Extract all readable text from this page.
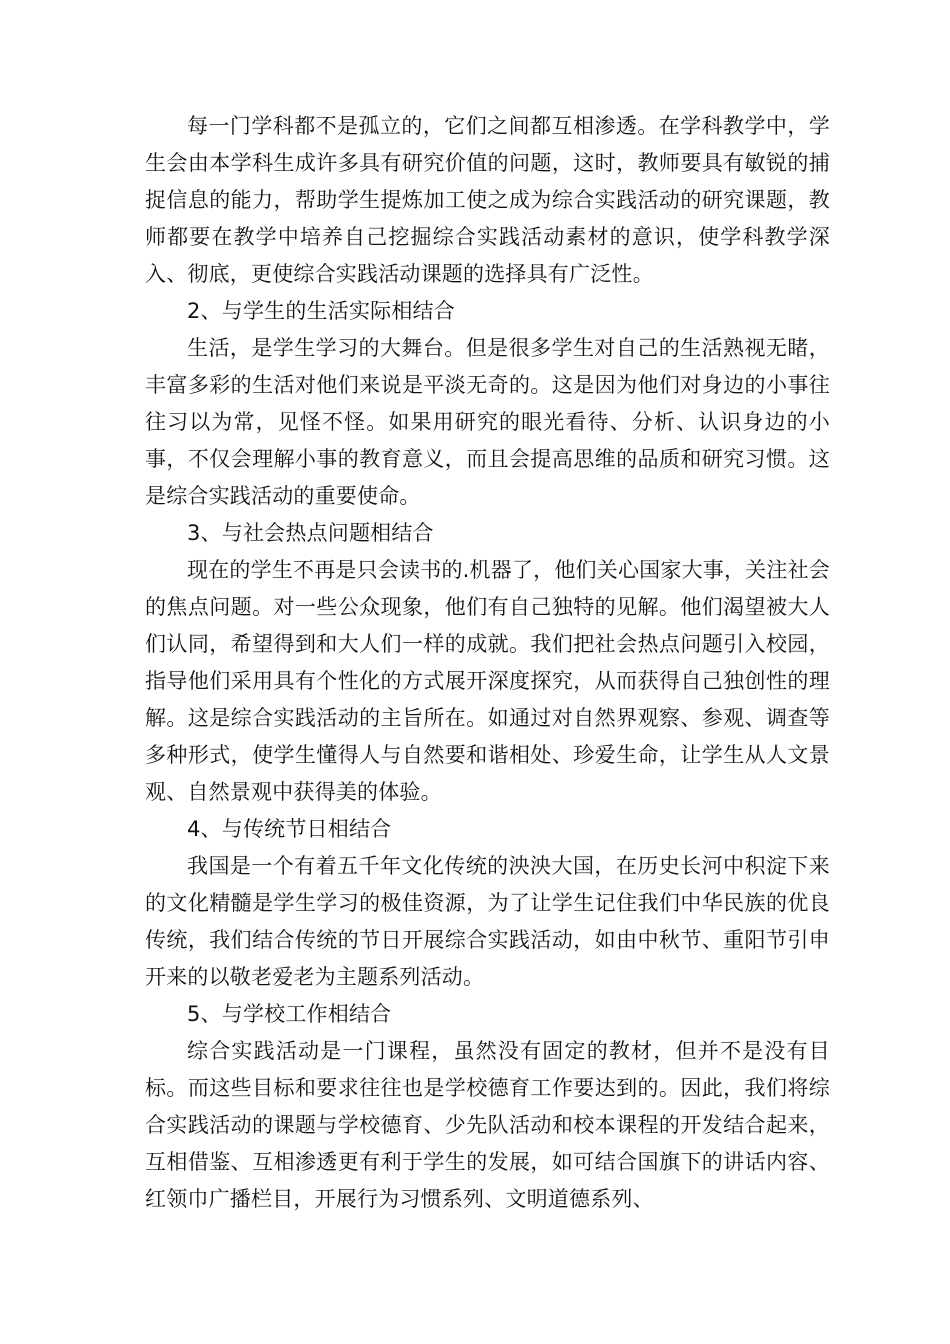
每一门学科都不是孤立的，它们之间都互相渗透。在学科教学中，学生会由本学科生成许多具有研究价值的问题，这时，教师要具有敏锐的捕捉信息的能力，帮助学生提炼加工使之成为综合实践活动的研究课题，教师都要在教学中培养自己挖掘综合实践活动素材的意识，使学科教学深入、彻底，更使综合实践活动课题的选择具有广泛性。

2、与学生的生活实际相结合

生活，是学生学习的大舞台。但是很多学生对自己的生活熟视无睹，丰富多彩的生活对他们来说是平淡无奇的。这是因为他们对身边的小事往往习以为常，见怪不怪。如果用研究的眼光看待、分析、认识身边的小事，不仅会理解小事的教育意义，而且会提高思维的品质和研究习惯。这是综合实践活动的重要使命。

3、与社会热点问题相结合

现在的学生不再是只会读书的.机器了，他们关心国家大事，关注社会的焦点问题。对一些公众现象，他们有自己独特的见解。他们渴望被大人们认同，希望得到和大人们一样的成就。我们把社会热点问题引入校园，指导他们采用具有个性化的方式展开深度探究，从而获得自己独创性的理解。这是综合实践活动的主旨所在。如通过对自然界观察、参观、调查等多种形式，使学生懂得人与自然要和谐相处、珍爱生命，让学生从人文景观、自然景观中获得美的体验。

4、与传统节日相结合

我国是一个有着五千年文化传统的泱泱大国，在历史长河中积淀下来的文化精髓是学生学习的极佳资源，为了让学生记住我们中华民族的优良传统，我们结合传统的节日开展综合实践活动，如由中秋节、重阳节引申开来的以敬老爱老为主题系列活动。

5、与学校工作相结合

综合实践活动是一门课程，虽然没有固定的教材，但并不是没有目标。而这些目标和要求往往也是学校德育工作要达到的。因此，我们将综合实践活动的课题与学校德育、少先队活动和校本课程的开发结合起来，互相借鉴、互相渗透更有利于学生的发展，如可结合国旗下的讲话内容、红领巾广播栏目，开展行为习惯系列、文明道德系列、
